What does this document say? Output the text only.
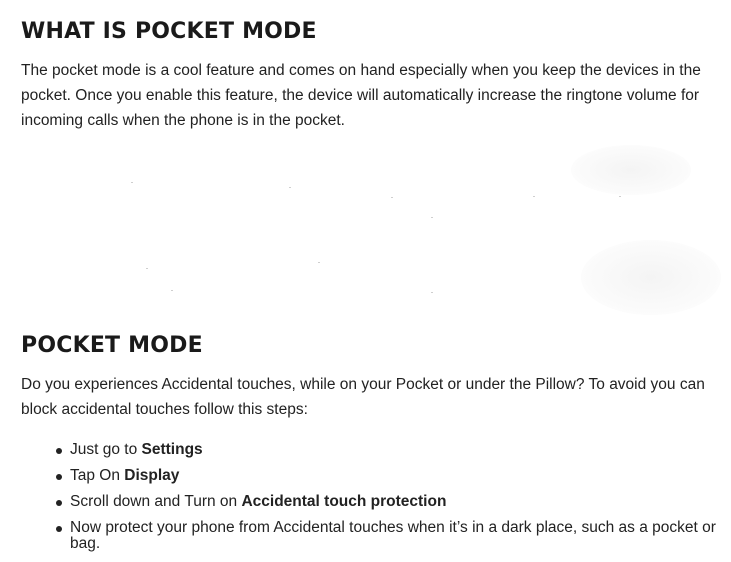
WHAT IS POCKET MODE

The pocket mode is a cool feature and comes on hand especially when you keep the devices in the pocket. Once you enable this feature, the device will automatically increase the ringtone volume for incoming calls when the phone is in the pocket.

POCKET MODE

Do you experiences Accidental touches, while on your Pocket or under the Pillow? To avoid you can block accidental touches follow this steps:

Just go to Settings
Tap On Display
Scroll down and Turn on Accidental touch protection
Now protect your phone from Accidental touches when it’s in a dark place, such as a pocket or bag.
